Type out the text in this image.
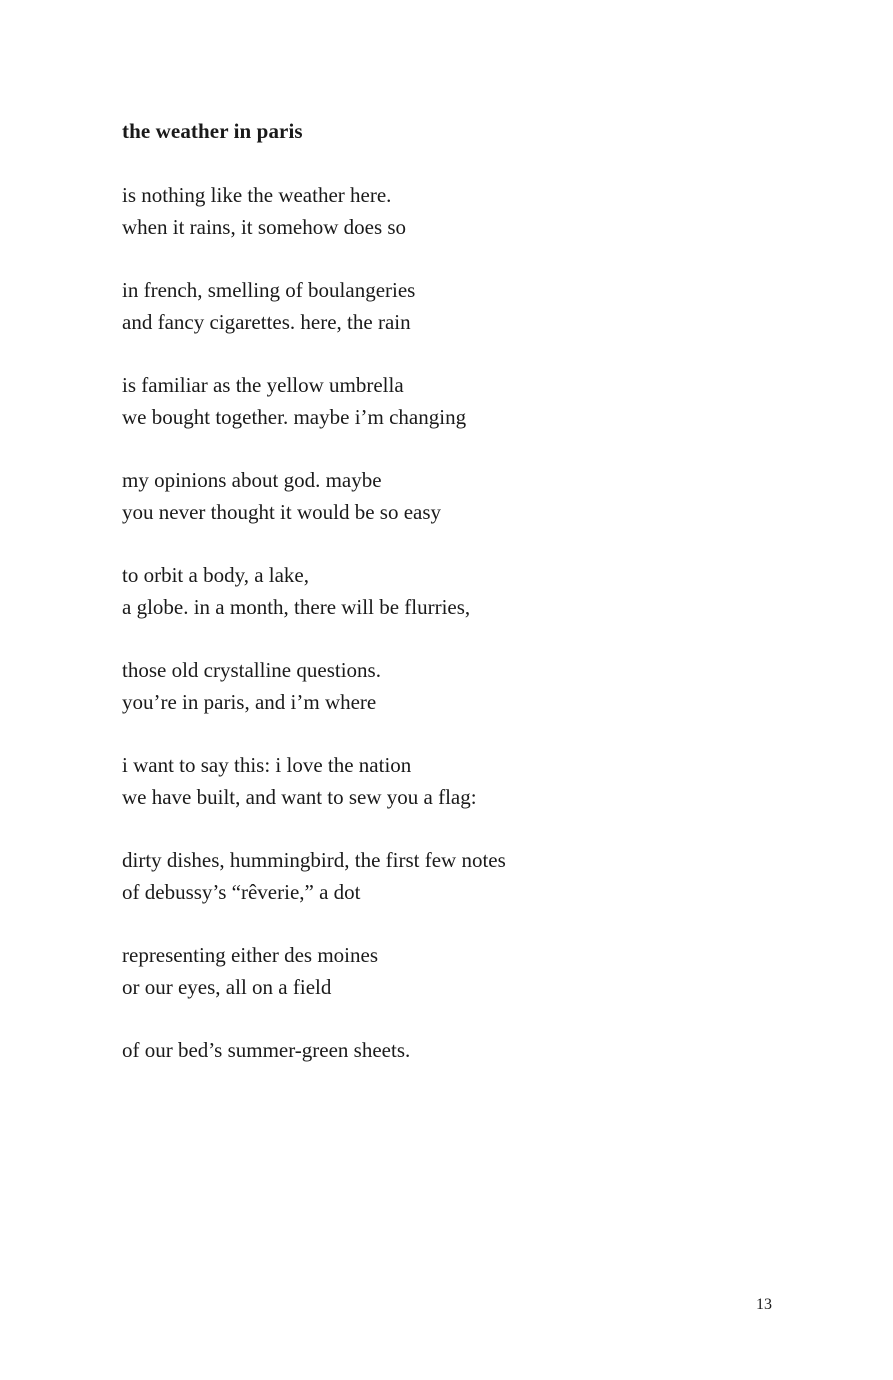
the weather in paris
is nothing like the weather here.
when it rains, it somehow does so
in french, smelling of boulangeries
and fancy cigarettes. here, the rain
is familiar as the yellow umbrella
we bought together. maybe i’m changing
my opinions about god. maybe
you never thought it would be so easy
to orbit a body, a lake,
a globe. in a month, there will be flurries,
those old crystalline questions.
you’re in paris, and i’m where
i want to say this: i love the nation
we have built, and want to sew you a flag:
dirty dishes, hummingbird, the first few notes
of debussy’s “rêverie,” a dot
representing either des moines
or our eyes, all on a field
of our bed’s summer-green sheets.
13
